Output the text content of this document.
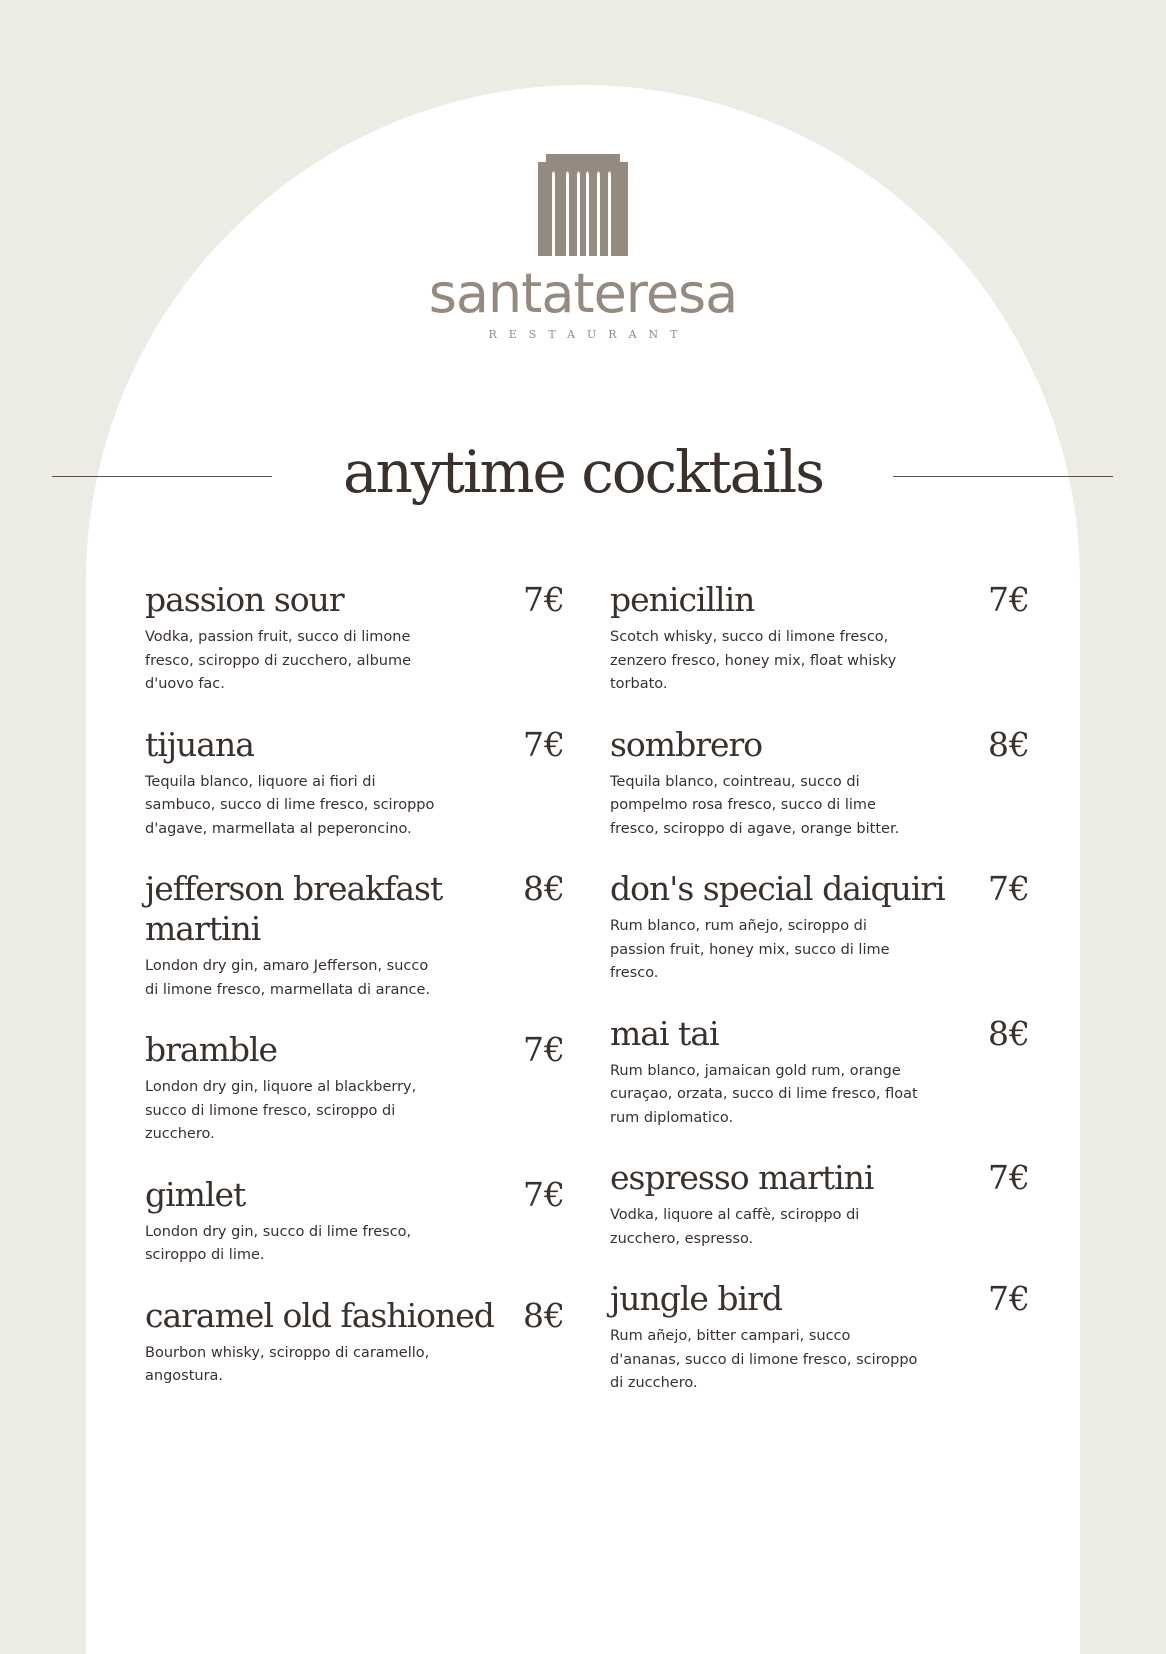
santateresa
RESTAURANT
anytime cocktails
passion sour	7€
Vodka, passion fruit, succo di limone fresco, sciroppo di zucchero, albume d'uovo fac.
tijuana	7€
Tequila blanco, liquore ai fiori di sambuco, succo di lime fresco, sciroppo d'agave, marmellata al peperoncino.
jefferson breakfast martini
8€
London dry gin, amaro Jefferson, succo di limone fresco, marmellata di arance.
bramble	7€
London dry gin, liquore al blackberry, succo di limone fresco, sciroppo di zucchero.
gimlet	7€
London dry gin, succo di lime fresco, sciroppo di lime.
caramel old fashioned 8€
Bourbon whisky, sciroppo di caramello, angostura.
penicillin	7€
Scotch whisky, succo di limone fresco, zenzero fresco, honey mix, float whisky torbato.
sombrero	8€
Tequila blanco, cointreau, succo di pompelmo rosa fresco, succo di lime fresco, sciroppo di agave, orange bitter.
don's special daiquiri	7€
Rum blanco, rum añejo, sciroppo di passion fruit, honey mix, succo di lime fresco.
mai tai	8€
Rum blanco, jamaican gold rum, orange curaçao, orzata, succo di lime fresco, float rum diplomatico.
espresso martini	7€
Vodka, liquore al caffè, sciroppo di zucchero, espresso.
jungle bird	7€
Rum añejo, bitter campari, succo d'ananas, succo di limone fresco, sciroppo di zucchero.
